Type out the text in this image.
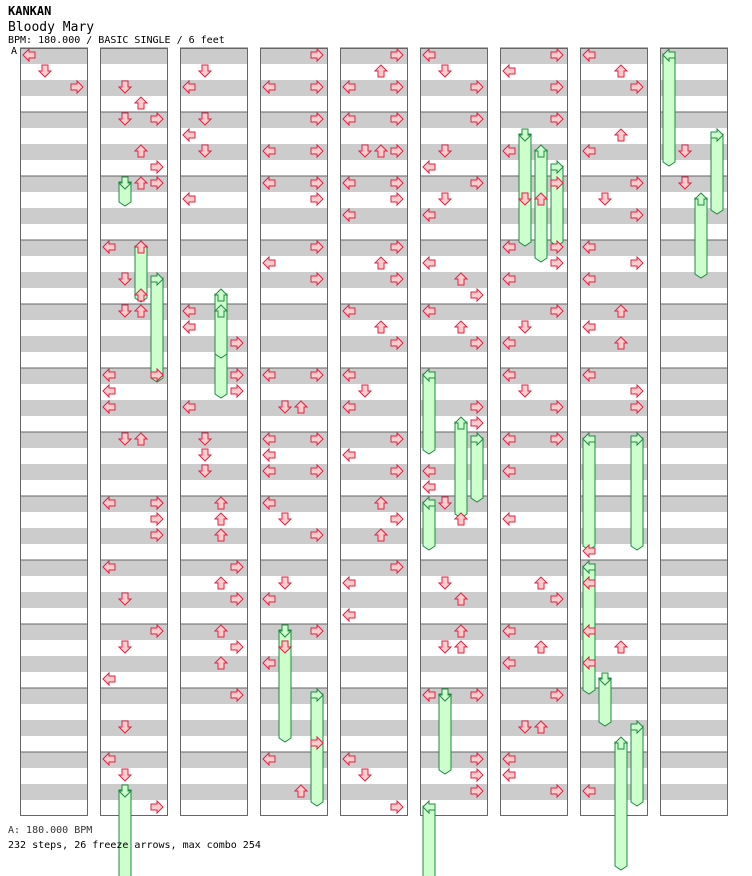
KANKAN
Bloody Mary
BPM: 180.000 / BASIC SINGLE / 6 feet
A
A: 180.000 BPM
232 steps, 26 freeze arrows, max combo 254
